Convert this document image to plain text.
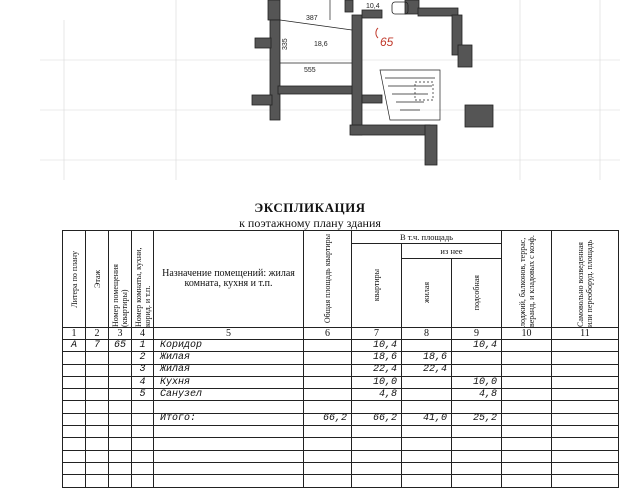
387
335
555
10,4
18,6	65
ЭКСПЛИКАЦИЯ
к поэтажному плану здания
Литера по плану	Этаж	Номер помещения (квартиры)	Номер комнаты, кухни, корид. и т.п.	Назначение помещений: жилая комната, кухня и т.п.	Общая площадь квартиры	В т.ч. площадь			лоджий, балконов, террас, веранд, и кладовых с коэф.	Самовольно возведенная или переоборуд. площадь

						квартиры	из нее			

							жилая	подсобная		

1	2	3	4	5	6	7	8	9	10	11
А	7	65	1	Коридор		10,4		10,4		
			2	Жилая		18,6	18,6			
			3	Жилая		22,4	22,4			
			4	Кухня		10,0		10,0		
			5	Санузел		4,8		4,8		

				Итого:	66,2	66,2	41,0	25,2		
